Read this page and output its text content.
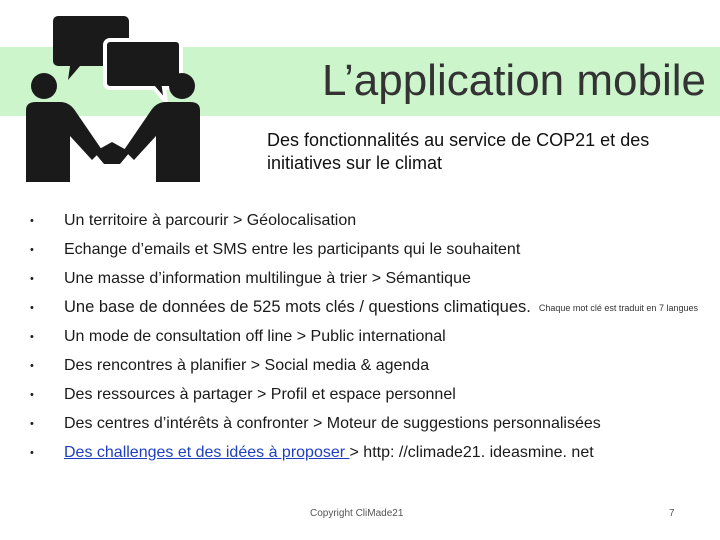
L’application mobile
Des fonctionnalités au service de COP21 et des initiatives sur le climat
• Un territoire à parcourir > Géolocalisation
• Echange d’emails et SMS entre les participants qui le souhaitent
• Une masse d’information multilingue à trier > Sémantique
• Une base de données de 525 mots clés / questions climatiques. Chaque mot clé est traduit en 7 langues
• Un mode de consultation off line > Public international
• Des rencontres à planifier > Social media & agenda
• Des ressources à partager > Profil et espace personnel
• Des centres d’intérêts à confronter > Moteur de suggestions personnalisées
• Des challenges et des idées à proposer > http: //climade21. ideasmine. net
Copyright CliMade21	7
